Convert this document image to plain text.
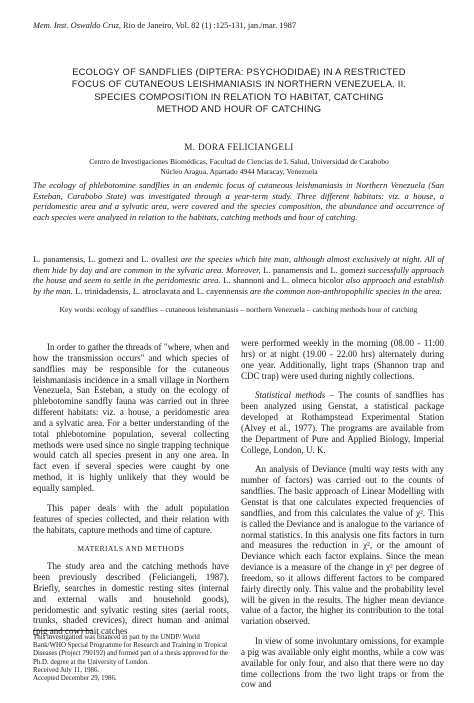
Mem. Inst. Oswaldo Cruz, Rio de Janeiro, Vol. 82 (1) :125-131, jan./mar. 1987
ECOLOGY OF SANDFLIES (DIPTERA: PSYCHODIDAE) IN A RESTRICTED
FOCUS OF CUTANEOUS LEISHMANIASIS IN NORTHERN VENEZUELA. II.
SPECIES COMPOSITION IN RELATION TO HABITAT, CATCHING
METHOD AND HOUR OF CATCHING
M. DORA FELICIANGELI
Centro de Investigaciones Biomédicas, Facultad de Ciencias de L Salud, Universidad de Carabobo
Núcleo Aragua, Apartado 4944 Maracay, Venezuela

The ecology of phlebotomine sandflies in an endemic focus of cutaneous leishmaniasis in Northern Venezuela (San Esteban, Carabobo State) was investigated through a year-term study. Three different habitats: viz. a house, a peridomestic area and a sylvatic area, were covered and the species composition, the abundance and occurrence of each species were analyzed in relation to the habitats, catching methods and hour of catching.

L. panamensis, L. gomezi and L. ovallesi are the species which bite man, although almost exclusively at night. All of them hide by day and are common in the sylvatic area. Moreover, L. panamensis and L. gomezi successfully approach the house and seem to settle in the peridomestic area. L. shannoni and L. olmeca bicolor also approach and establish by the man. L. trinidadensis, L. atroclavata and L. cayennensis are the common non-anthropophilic species in the area.

Key words: ecology of sandflies – cutaneous leishmaniasis – northern Venezuela – catching methods hour of catching

In order to gather the threads of "where, when and how the transmission occurs" and which species of sandflies may be responsible for the cutaneous leishmaniasis incidence in a small village in Northern Venezuela, San Esteban, a study on the ecology of phlebotomine sandfly fauna was carried out in three different habitats: viz. a house, a peridomestic area and a sylvatic area. For a better understanding of the total phlebotomine population, several collecting methods were used since no single trapping technique would catch all species present in any one area. In fact even if several species were caught by one method, it is highly unlikely that they would be equally sampled.

This paper deals with the adult population features of species collected, and their relation with the habitats, capture methods and time of capture.

MATERIALS AND METHODS

The study area and the catching methods have been previously described (Feliciangeli, 1987). Briefly, searches in domestic resting sites (internal and external walls and household goods), peridomestic and sylvatic resting sites (aerial roots, trunks, shaded crevices), direct human and animal (pig and cow) bait catches

were performed weekly in the morning (08.00 - 11:00 hrs) or at night (19.00 - 22.00 hrs) alternately during one year. Additionally, light traps (Shannon trap and CDC trap) were used during nightly collections.

Statistical methods – The counts of sandflies has been analyzed using Genstat, a statistical package developed at Rothampstead Experimental Station (Alvey et al., 1977). The programs are available from the Department of Pure and Applied Biology, Imperial College, London, U. K.

An analysis of Deviance (multi way tests with any number of factors) was carried out to the counts of sandflies. The basic approach of Linear Modelling with Genstat is that one calculates expected frequencies of sandflies, and from this calculates the value of χ². This is called the Deviance and is analogue to the variance of normal statistics. In this analysis one fits factors in turn and measures the reduction in χ², or the amount of Deviance which each factor explains. Since the mean deviance is a measure of the change in χ² per degree of freedom, so it allows different factors to be compared fairly directly only. This value and the probability level will be given in the results. The higher mean deviance value of a factor, the higher its contribution to the total variation observed.

In view of some involuntary omissions, for example a pig was available only eight months, while a cow was available for only four, and also that there were no day time collections from the two light traps or from the cow and

This investigation was financed in part by the UNDP/ World Bank/WHO Special Programme for Research and Training in Tropical Diseases (Project 790192) and formed part of a thesis approved for the Ph.D. degree at the University of London.
Received July 11, 1986.
Accepted December 29, 1986.
